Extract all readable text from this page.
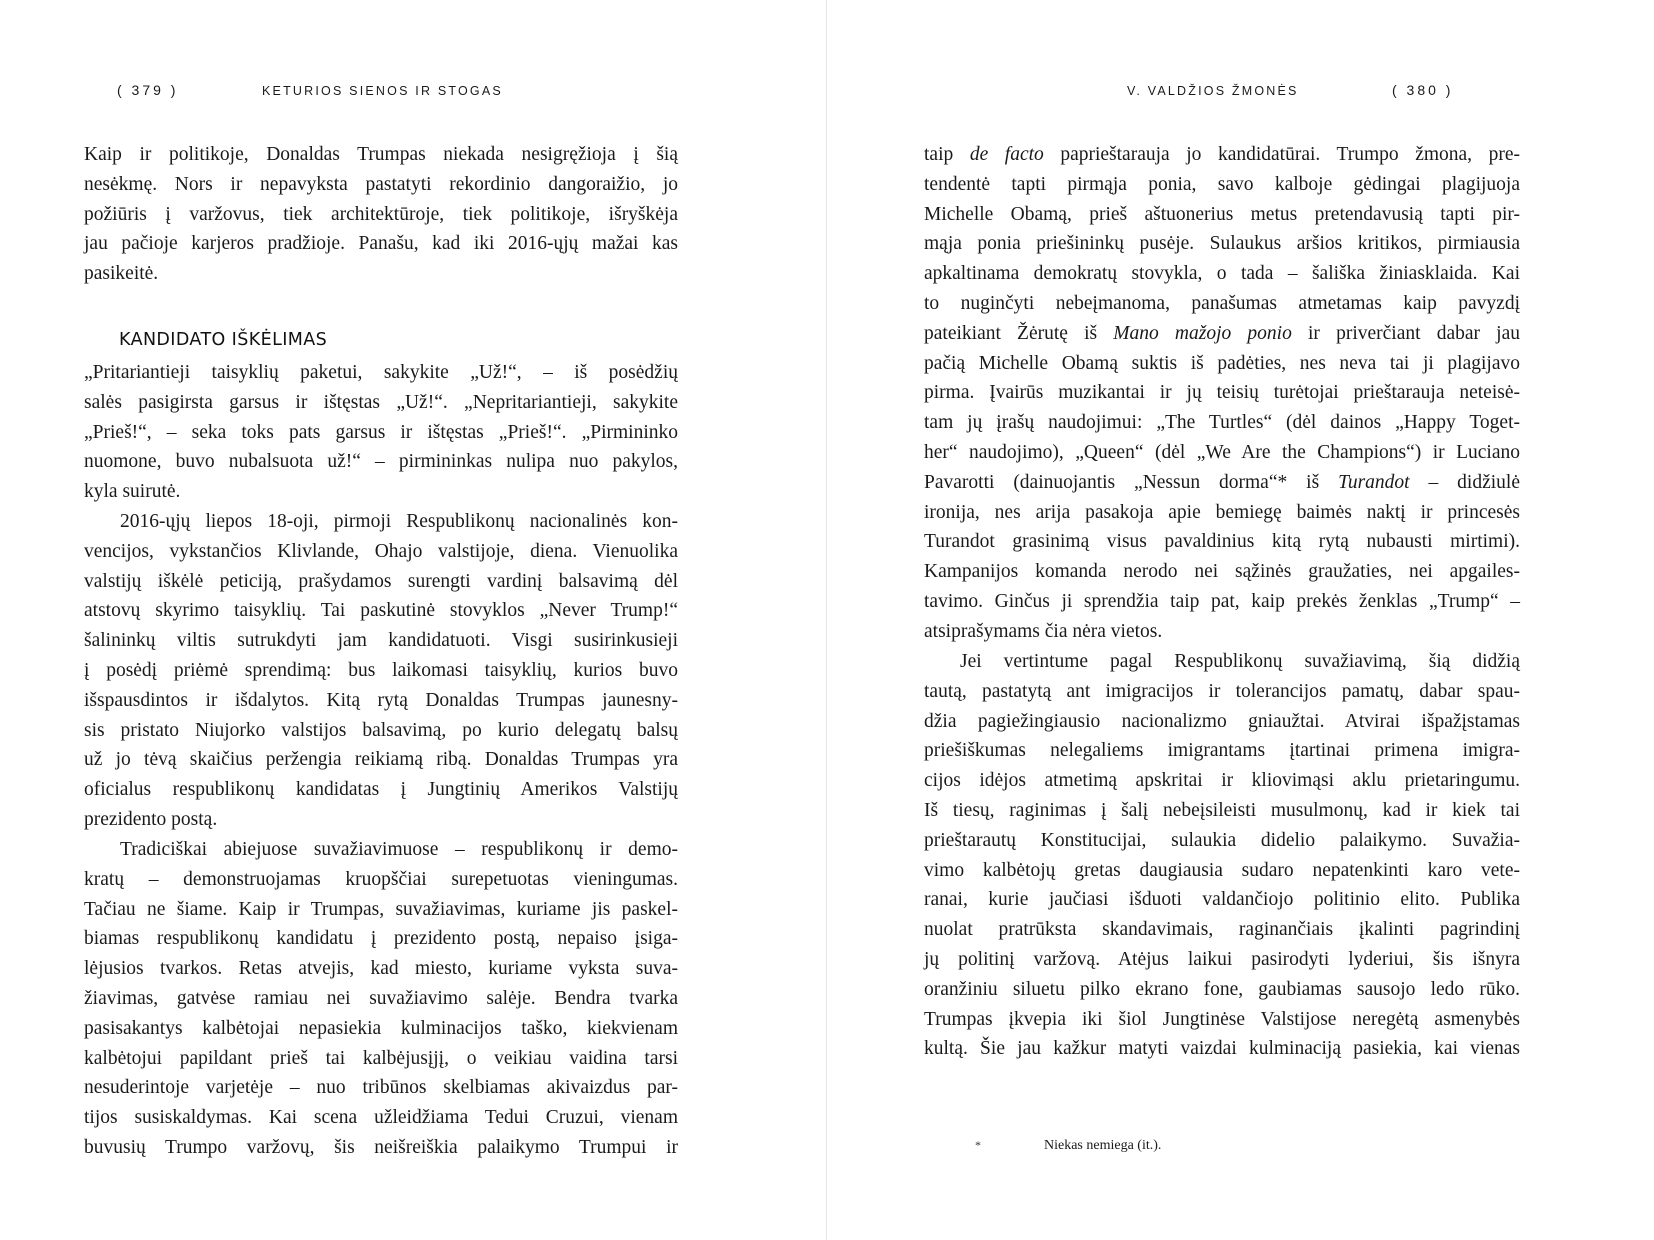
( 379 )	KETURIOS SIENOS IR STOGAS
Kaip ir politikoje, Donaldas Trumpas niekada nesigręžioja į šią
nesėkmę. Nors ir nepavyksta pastatyti rekordinio dangoraižio, jo
požiūris į varžovus, tiek architektūroje, tiek politikoje, išryškėja
jau pačioje karjeros pradžioje. Panašu, kad iki 2016-ųjų mažai kas
pasikeitė.
KANDIDATO IŠKĖLIMAS
„Pritariantieji taisyklių paketui, sakykite „Už!“, – iš posėdžių
salės pasigirsta garsus ir ištęstas „Už!“. „Nepritariantieji, sakykite
„Prieš!“, – seka toks pats garsus ir ištęstas „Prieš!“. „Pirmininko
nuomone, buvo nubalsuota už!“ – pirmininkas nulipa nuo pakylos,
kyla suirutė.
2016-ųjų liepos 18-oji, pirmoji Respublikonų nacionalinės kon-
vencijos, vykstančios Klivlande, Ohajo valstijoje, diena. Vienuolika
valstijų iškėlė peticiją, prašydamos surengti vardinį balsavimą dėl
atstovų skyrimo taisyklių. Tai paskutinė stovyklos „Never Trump!“
šalininkų viltis sutrukdyti jam kandidatuoti. Visgi susirinkusieji
į posėdį priėmė sprendimą: bus laikomasi taisyklių, kurios buvo
išspausdintos ir išdalytos. Kitą rytą Donaldas Trumpas jaunesny-
sis pristato Niujorko valstijos balsavimą, po kurio delegatų balsų
už jo tėvą skaičius peržengia reikiamą ribą. Donaldas Trumpas yra
oficialus respublikonų kandidatas į Jungtinių Amerikos Valstijų
prezidento postą.
Tradiciškai abiejuose suvažiavimuose – respublikonų ir demo-
kratų – demonstruojamas kruopščiai surepetuotas vieningumas.
Tačiau ne šiame. Kaip ir Trumpas, suvažiavimas, kuriame jis paskel-
biamas respublikonų kandidatu į prezidento postą, nepaiso įsiga-
lėjusios tvarkos. Retas atvejis, kad miesto, kuriame vyksta suva-
žiavimas, gatvėse ramiau nei suvažiavimo salėje. Bendra tvarka
pasisakantys kalbėtojai nepasiekia kulminacijos taško, kiekvienam
kalbėtojui papildant prieš tai kalbėjusįjį, o veikiau vaidina tarsi
nesuderintoje varjetėje – nuo tribūnos skelbiamas akivaizdus par-
tijos susiskaldymas. Kai scena užleidžiama Tedui Cruzui, vienam
buvusių Trumpo varžovų, šis neišreiškia palaikymo Trumpui ir
V. VALDŽIOS ŽMONĖS	( 380 )
taip de facto paprieštarauja jo kandidatūrai. Trumpo žmona, pre-
tendentė tapti pirmąja ponia, savo kalboje gėdingai plagijuoja
Michelle Obamą, prieš aštuonerius metus pretendavusią tapti pir-
mąja ponia priešininkų pusėje. Sulaukus aršios kritikos, pirmiausia
apkaltinama demokratų stovykla, o tada – šališka žiniasklaida. Kai
to nuginčyti nebeįmanoma, panašumas atmetamas kaip pavyzdį
pateikiant Žėrutę iš Mano mažojo ponio ir priverčiant dabar jau
pačią Michelle Obamą suktis iš padėties, nes neva tai ji plagijavo
pirma. Įvairūs muzikantai ir jų teisių turėtojai prieštarauja neteisė-
tam jų įrašų naudojimui: „The Turtles“ (dėl dainos „Happy Toget-
her“ naudojimo), „Queen“ (dėl „We Are the Champions“) ir Luciano
Pavarotti (dainuojantis „Nessun dorma“* iš Turandot – didžiulė
ironija, nes arija pasakoja apie bemiegę baimės naktį ir princesės
Turandot grasinimą visus pavaldinius kitą rytą nubausti mirtimi).
Kampanijos komanda nerodo nei sąžinės graužaties, nei apgailes-
tavimo. Ginčus ji sprendžia taip pat, kaip prekės ženklas „Trump“ –
atsiprašymams čia nėra vietos.
Jei vertintume pagal Respublikonų suvažiavimą, šią didžią
tautą, pastatytą ant imigracijos ir tolerancijos pamatų, dabar spau-
džia pagiežingiausio nacionalizmo gniaužtai. Atvirai išpažįstamas
priešiškumas nelegaliems imigrantams įtartinai primena imigra-
cijos idėjos atmetimą apskritai ir kliovimąsi aklu prietaringumu.
Iš tiesų, raginimas į šalį nebeįsileisti musulmonų, kad ir kiek tai
prieštarautų Konstitucijai, sulaukia didelio palaikymo. Suvažia-
vimo kalbėtojų gretas daugiausia sudaro nepatenkinti karo vete-
ranai, kurie jaučiasi išduoti valdančiojo politinio elito. Publika
nuolat pratrūksta skandavimais, raginančiais įkalinti pagrindinį
jų politinį varžovą. Atėjus laikui pasirodyti lyderiui, šis išnyra
oranžiniu siluetu pilko ekrano fone, gaubiamas sausojo ledo rūko.
Trumpas įkvepia iki šiol Jungtinėse Valstijose neregėtą asmenybės
kultą. Šie jau kažkur matyti vaizdai kulminaciją pasiekia, kai vienas
*	Niekas nemiega (it.).
